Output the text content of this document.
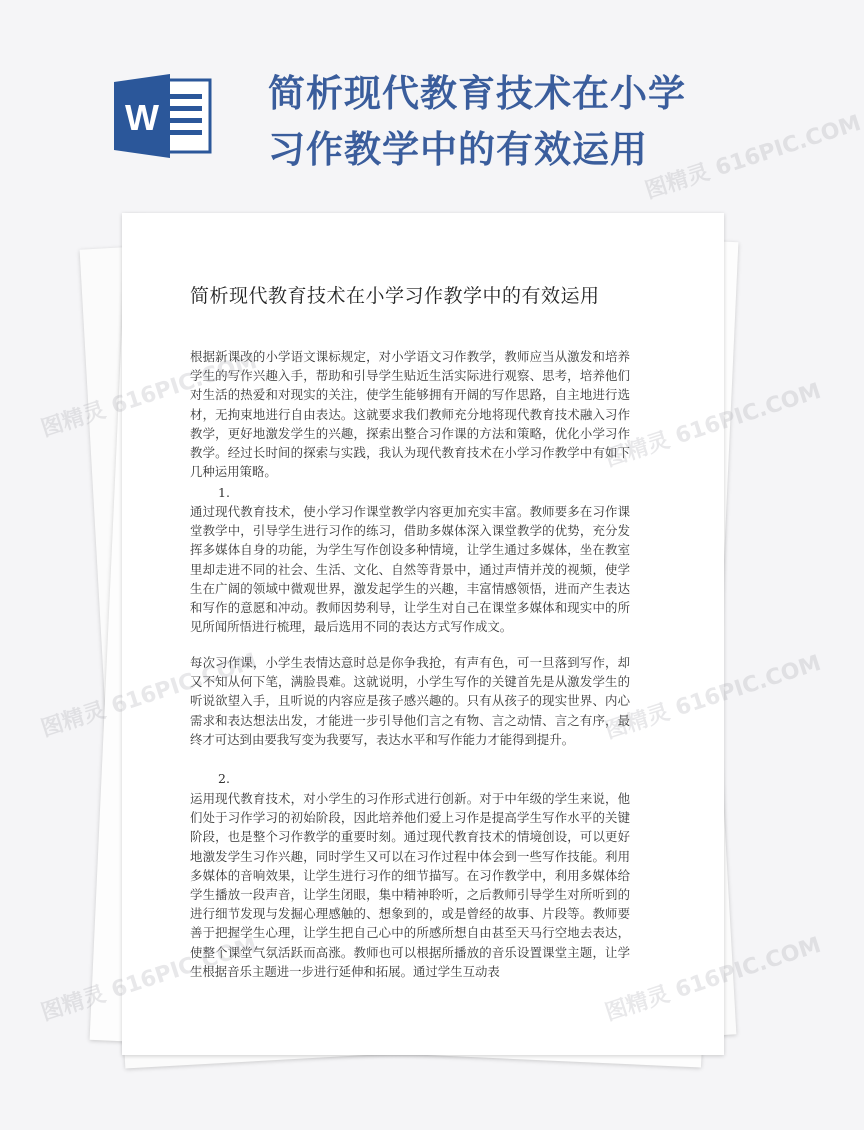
W
简析现代教育技术在小学习作教学中的有效运用
简析现代教育技术在小学习作教学中的有效运用

根据新课改的小学语文课标规定，对小学语文习作教学，教师应当从激发和培养学生的写作兴趣入手，帮助和引导学生贴近生活实际进行观察、思考，培养他们对生活的热爱和对现实的关注，使学生能够拥有开阔的写作思路，自主地进行选材，无拘束地进行自由表达。这就要求我们教师充分地将现代教育技术融入习作教学，更好地激发学生的兴趣，探索出整合习作课的方法和策略，优化小学习作教学。经过长时间的探索与实践，我认为现代教育技术在小学习作教学中有如下几种运用策略。

1.

通过现代教育技术，使小学习作课堂教学内容更加充实丰富。教师要多在习作课堂教学中，引导学生进行习作的练习，借助多媒体深入课堂教学的优势，充分发挥多媒体自身的功能，为学生写作创设多种情境，让学生通过多媒体，坐在教室里却走进不同的社会、生活、文化、自然等背景中，通过声情并茂的视频，使学生在广阔的领域中微观世界，激发起学生的兴趣，丰富情感领悟，进而产生表达和写作的意愿和冲动。教师因势利导，让学生对自己在课堂多媒体和现实中的所见所闻所悟进行梳理，最后选用不同的表达方式写作成文。

每次习作课，小学生表情达意时总是你争我抢，有声有色，可一旦落到写作，却又不知从何下笔，满脸畏难。这就说明，小学生写作的关键首先是从激发学生的听说欲望入手，且听说的内容应是孩子感兴趣的。只有从孩子的现实世界、内心需求和表达想法出发，才能进一步引导他们言之有物、言之动情、言之有序，最终才可达到由要我写变为我要写，表达水平和写作能力才能得到提升。

2.

运用现代教育技术，对小学生的习作形式进行创新。对于中年级的学生来说，他们处于习作学习的初始阶段，因此培养他们爱上习作是提高学生写作水平的关键阶段，也是整个习作教学的重要时刻。通过现代教育技术的情境创设，可以更好地激发学生习作兴趣，同时学生又可以在习作过程中体会到一些写作技能。利用多媒体的音响效果，让学生进行习作的细节描写。在习作教学中，利用多媒体给学生播放一段声音，让学生闭眼，集中精神聆听，之后教师引导学生对所听到的进行细节发现与发掘心理感触的、想象到的，或是曾经的故事、片段等。教师要善于把握学生心理，让学生把自己心中的所感所想自由甚至天马行空地去表达，使整个课堂气氛活跃而高涨。教师也可以根据所播放的音乐设置课堂主题，让学生根据音乐主题进一步进行延伸和拓展。通过学生互动表

图精灵 616PIC.COM
图精灵 616PIC.COM	图精灵 616PIC.COM
图精灵 616PIC.COM	图精灵 616PIC.COM
图精灵 616PIC.COM	图精灵 616PIC.COM
